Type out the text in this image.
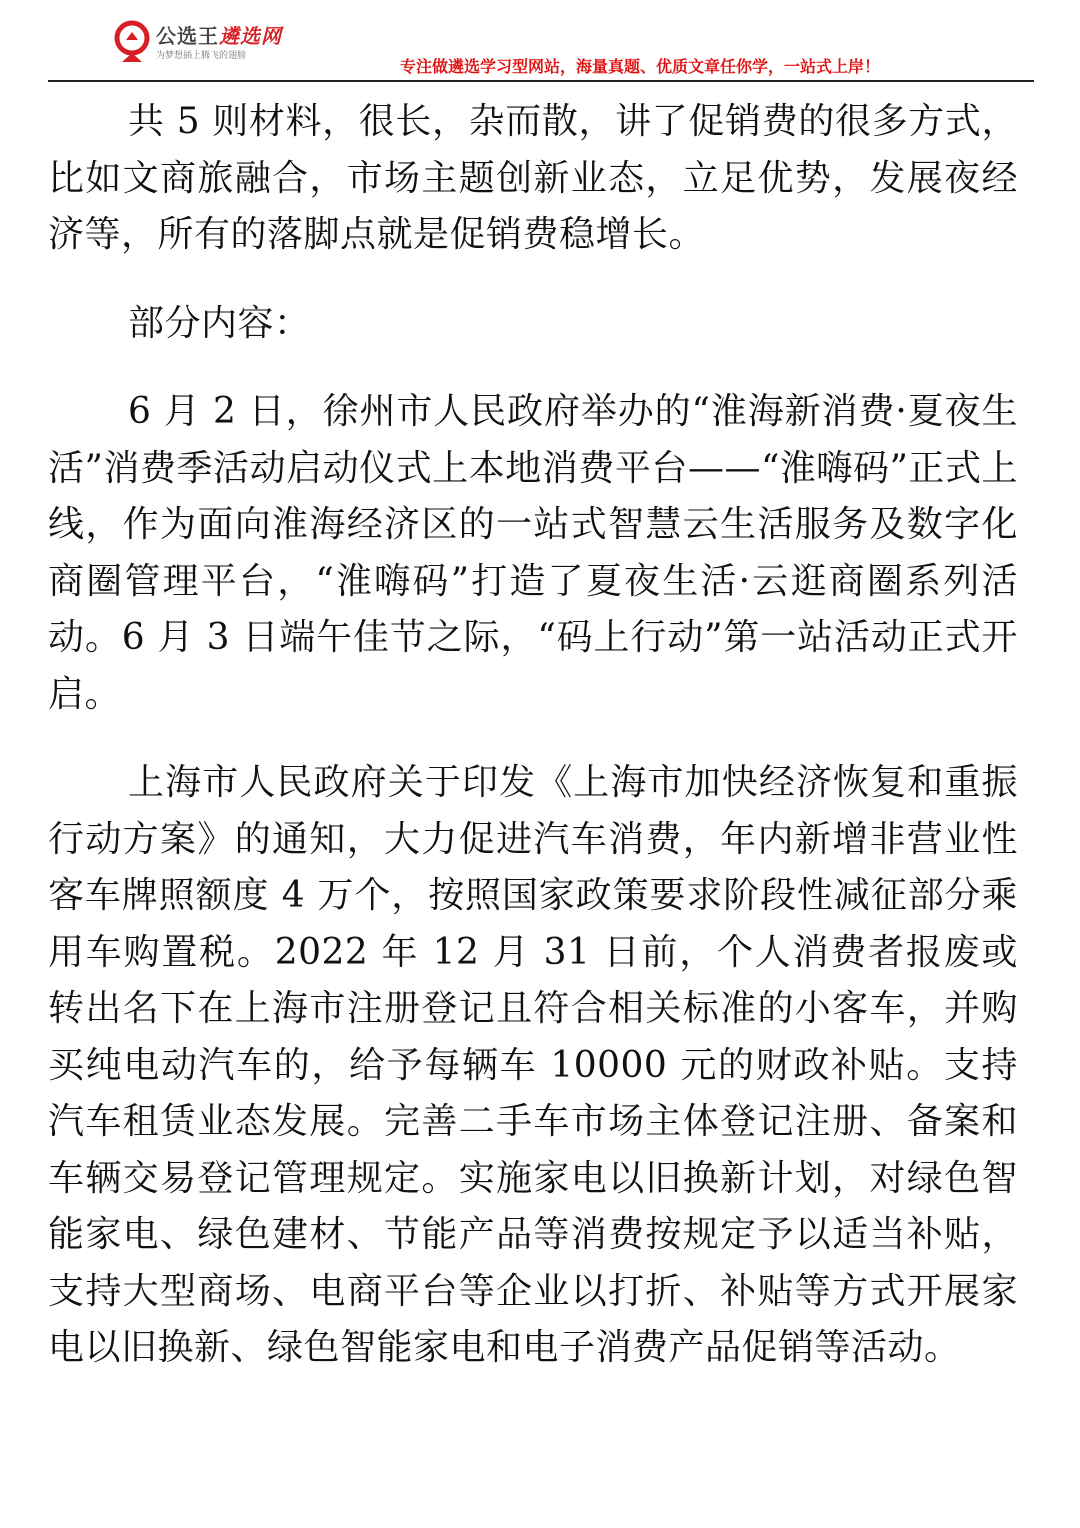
公选王遴选网
为梦想插上腾飞的翅膀
专注做遴选学习型网站，海量真题、优质文章任你学，一站式上岸！

共 5 则材料，很长，杂而散，讲了促销费的很多方式，比如文商旅融合，市场主题创新业态，立足优势，发展夜经济等，所有的落脚点就是促销费稳增长。

部分内容：

6 月 2 日，徐州市人民政府举办的“淮海新消费·夏夜生活”消费季活动启动仪式上本地消费平台——“淮嗨码”正式上线，作为面向淮海经济区的一站式智慧云生活服务及数字化商圈管理平台，“淮嗨码”打造了夏夜生活·云逛商圈系列活动。6 月 3 日端午佳节之际，“码上行动”第一站活动正式开启。

上海市人民政府关于印发《上海市加快经济恢复和重振行动方案》的通知，大力促进汽车消费，年内新增非营业性客车牌照额度 4 万个，按照国家政策要求阶段性减征部分乘用车购置税。2022 年 12 月 31 日前，个人消费者报废或转出名下在上海市注册登记且符合相关标准的小客车，并购买纯电动汽车的，给予每辆车 10000 元的财政补贴。支持汽车租赁业态发展。完善二手车市场主体登记注册、备案和车辆交易登记管理规定。实施家电以旧换新计划，对绿色智能家电、绿色建材、节能产品等消费按规定予以适当补贴，支持大型商场、电商平台等企业以打折、补贴等方式开展家电以旧换新、绿色智能家电和电子消费产品促销等活动。
